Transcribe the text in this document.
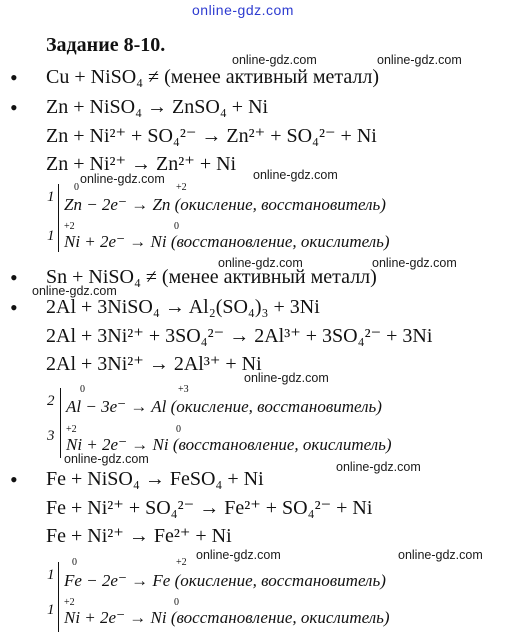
online-gdz.com
Задание 8-10.
online-gdz.com	online-gdz.com
online-gdz.com	online-gdz.com
online-gdz.com	online-gdz.com
online-gdz.com
online-gdz.com
online-gdz.com
online-gdz.com
online-gdz.com	online-gdz.com
•
•
•
•
•
Cu + NiSO₄ ≠ (менее активный металл)
Zn + NiSO₄ → ZnSO₄ + Ni
Zn + Ni²⁺ + SO₄²⁻ → Zn²⁺ + SO₄²⁻ + Ni
Zn + Ni²⁺ → Zn²⁺ + Ni
1
1
0	+2
Zn − 2e⁻ → Zn (окисление, восстановитель)
+2	0
Ni + 2e⁻ → Ni (восстановление, окислитель)
Sn + NiSO₄ ≠ (менее активный металл)
2Al + 3NiSO₄ → Al₂(SO₄)₃ + 3Ni
2Al + 3Ni²⁺ + 3SO₄²⁻ → 2Al³⁺ + 3SO₄²⁻ + 3Ni
2Al + 3Ni²⁺ → 2Al³⁺ + Ni
2
3
0	+3
Al − 3e⁻ → Al (окисление, восстановитель)
+2	0
Ni + 2e⁻ → Ni (восстановление, окислитель)
Fe + NiSO₄ → FeSO₄ + Ni
Fe + Ni²⁺ + SO₄²⁻ → Fe²⁺ + SO₄²⁻ + Ni
Fe + Ni²⁺ → Fe²⁺ + Ni
1
1
0	+2
Fe − 2e⁻ → Fe (окисление, восстановитель)
+2	0
Ni + 2e⁻ → Ni (восстановление, окислитель)
